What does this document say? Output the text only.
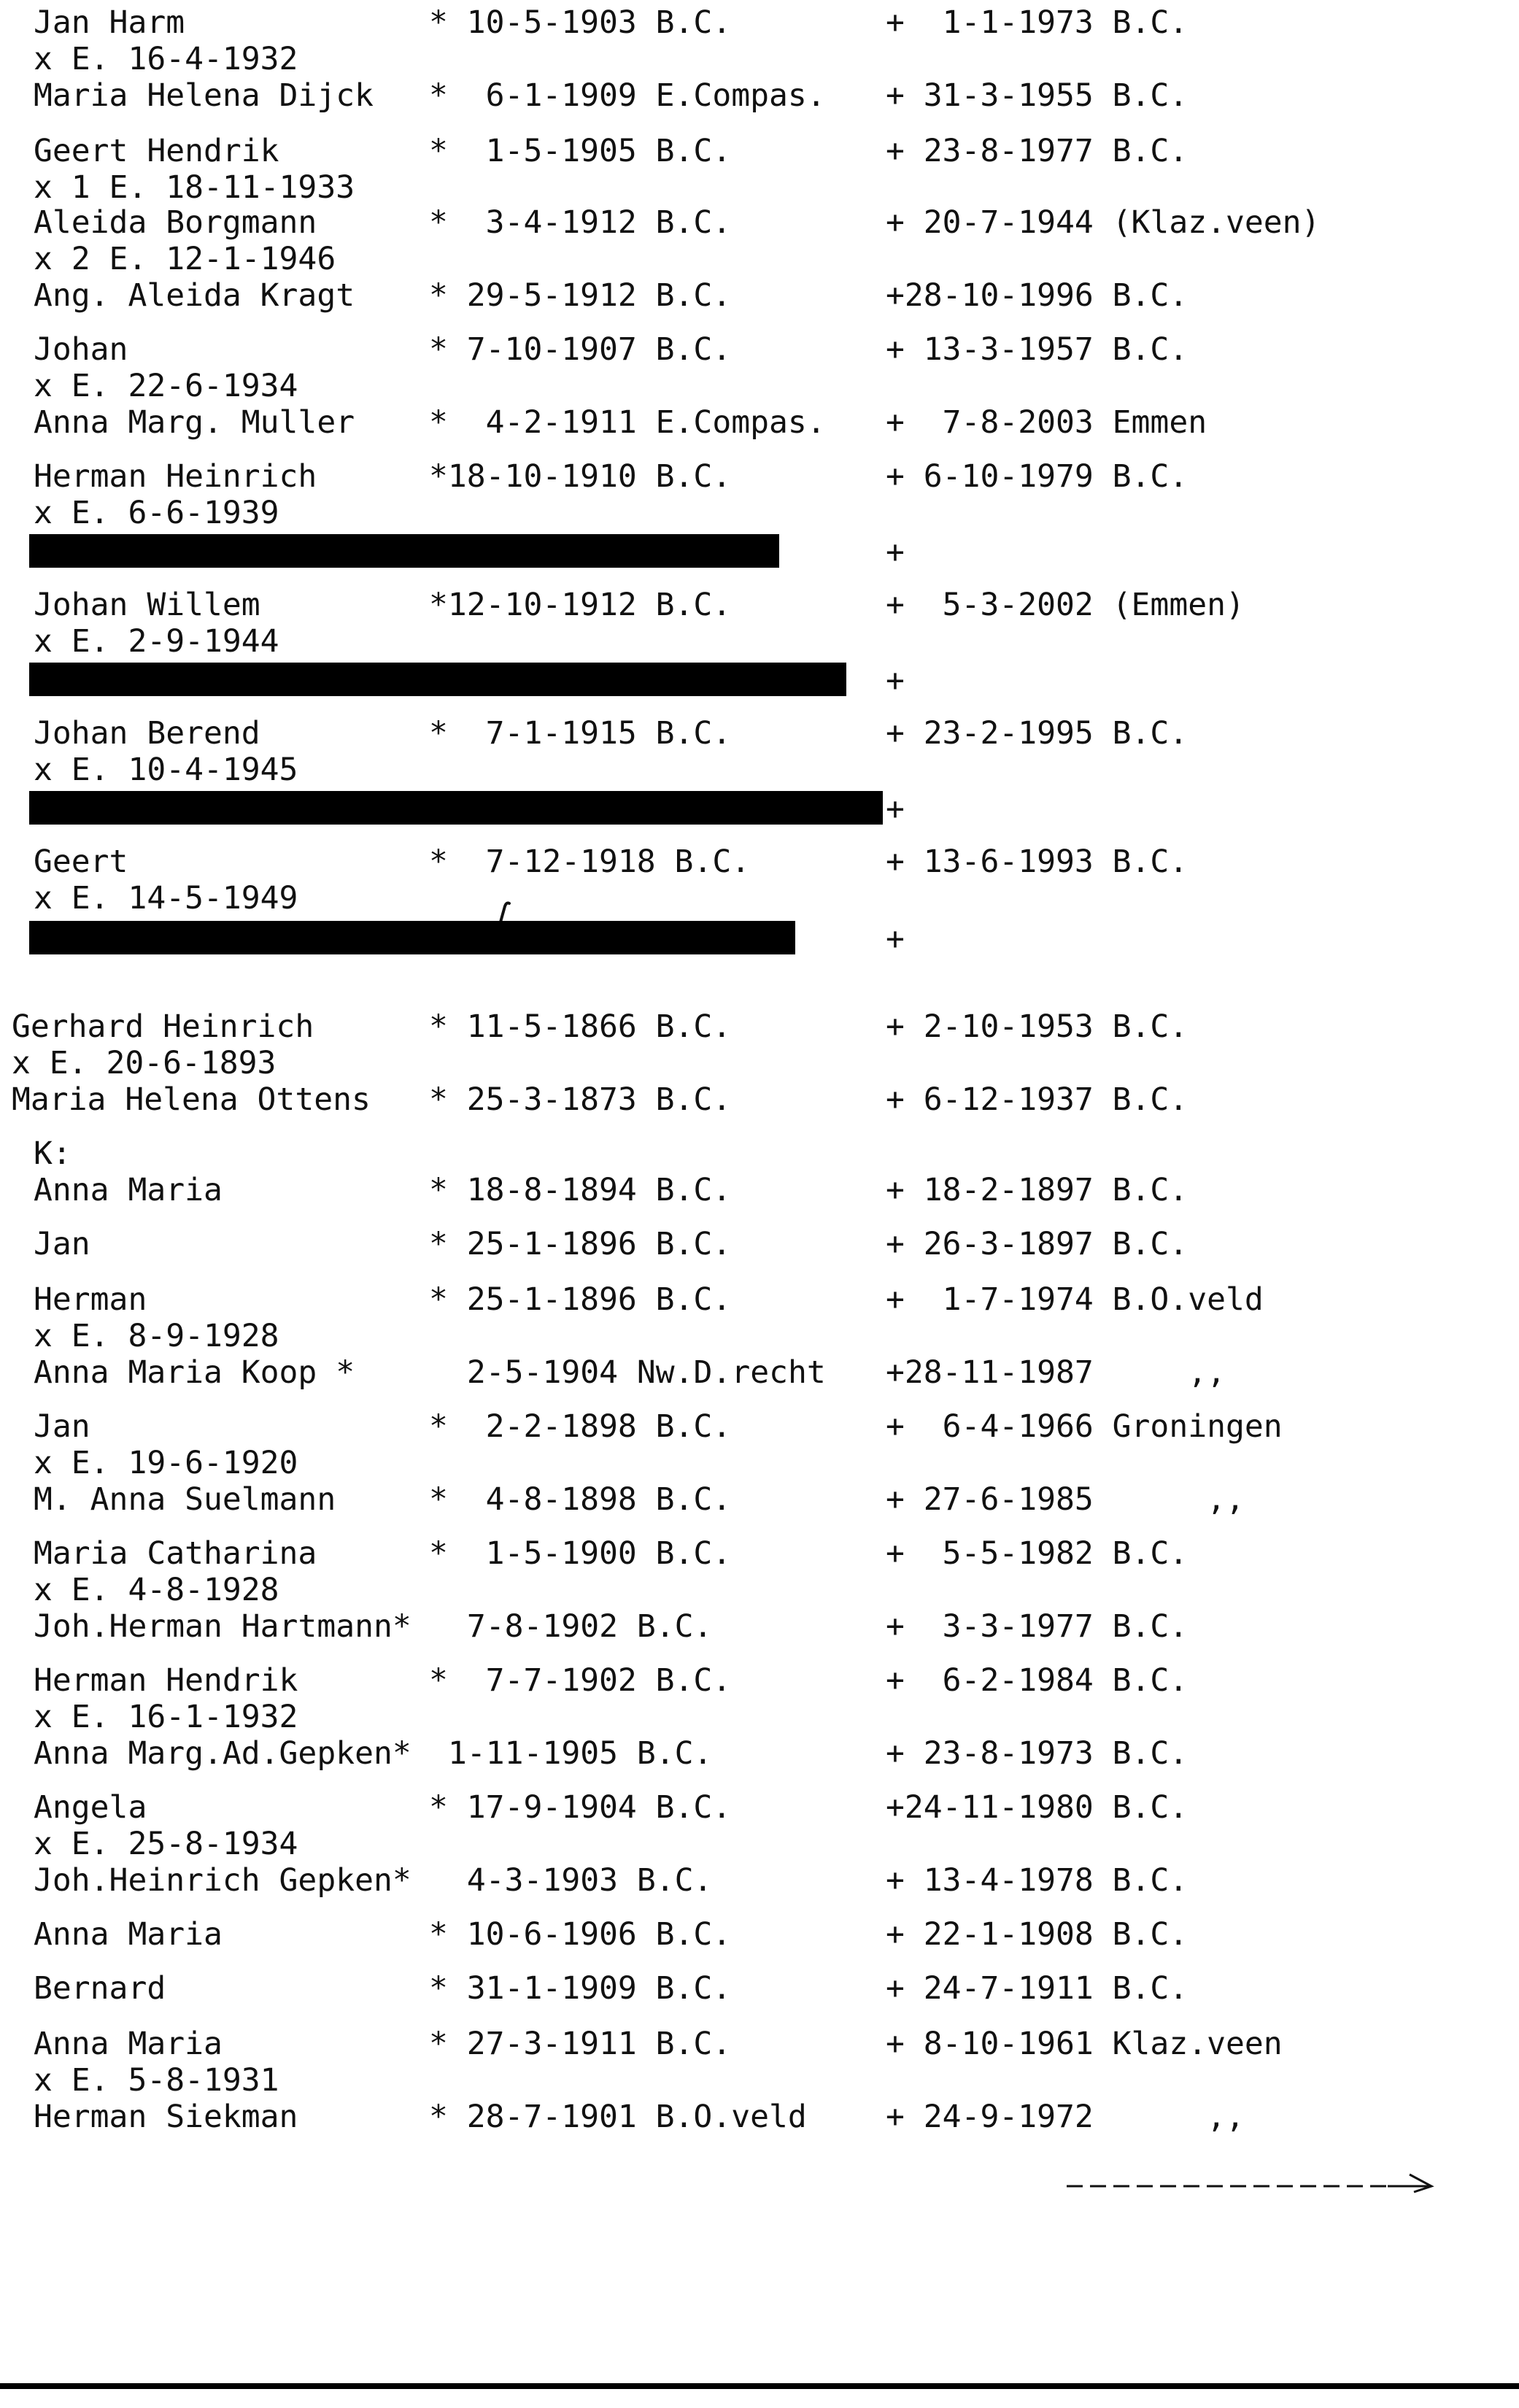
Jan Harm	* 10-5-1903 B.C.	+  1-1-1973 B.C.
x E. 16-4-1932
Maria Helena Dijck *  6-1-1909 E.Compas. + 31-3-1955 B.C.
Geert Hendrik	*  1-5-1905 B.C.	+ 23-8-1977 B.C.
x 1 E. 18-11-1933
Aleida Borgmann	*  3-4-1912 B.C.	+ 20-7-1944 (Klaz.veen)
x 2 E. 12-1-1946
Ang. Aleida Kragt * 29-5-1912 B.C.	+28-10-1996 B.C.
Johan	* 7-10-1907 B.C.	+ 13-3-1957 B.C.
x E. 22-6-1934
Anna Marg. Muller *  4-2-1911 E.Compas. +  7-8-2003 Emmen
Herman Heinrich	*18-10-1910 B.C.	+ 6-10-1979 B.C.
x E. 6-6-1939
+
Johan Willem	*12-10-1912 B.C.	+  5-3-2002 (Emmen)
x E. 2-9-1944
+
Johan Berend	*  7-1-1915 B.C.	+ 23-2-1995 B.C.
x E. 10-4-1945
+
Geert	*  7-12-1918 B.C.	+ 13-6-1993 B.C.
x E. 14-5-1949
+
Gerhard Heinrich	* 11-5-1866 B.C.	+ 2-10-1953 B.C.
x E. 20-6-1893
Maria Helena Ottens * 25-3-1873 B.C.	+ 6-12-1937 B.C.
K:
Anna Maria	* 18-8-1894 B.C.	+ 18-2-1897 B.C.
Jan	* 25-1-1896 B.C.	+ 26-3-1897 B.C.
Herman	* 25-1-1896 B.C.	+  1-7-1974 B.O.veld
x E. 8-9-1928
Anna Maria Koop *	2-5-1904 Nw.D.recht +28-11-1987     ,,
Jan	*  2-2-1898 B.C.	+  6-4-1966 Groningen
x E. 19-6-1920
M. Anna Suelmann	*  4-8-1898 B.C.	+ 27-6-1985      ,,
Maria Catharina	*  1-5-1900 B.C.	+  5-5-1982 B.C.
x E. 4-8-1928
Joh.Herman Hartmann* 7-8-1902 B.C.	+  3-3-1977 B.C.
Herman Hendrik	*  7-7-1902 B.C.	+  6-2-1984 B.C.
x E. 16-1-1932
Anna Marg.Ad.Gepken* 1-11-1905 B.C.	+ 23-8-1973 B.C.
Angela	* 17-9-1904 B.C.	+24-11-1980 B.C.
x E. 25-8-1934
Joh.Heinrich Gepken* 4-3-1903 B.C.	+ 13-4-1978 B.C.
Anna Maria	* 10-6-1906 B.C.	+ 22-1-1908 B.C.
Bernard	* 31-1-1909 B.C.	+ 24-7-1911 B.C.
Anna Maria	* 27-3-1911 B.C.	+ 8-10-1961 Klaz.veen
x E. 5-8-1931
Herman Siekman	* 28-7-1901 B.O.veld	+ 24-9-1972      ,,
